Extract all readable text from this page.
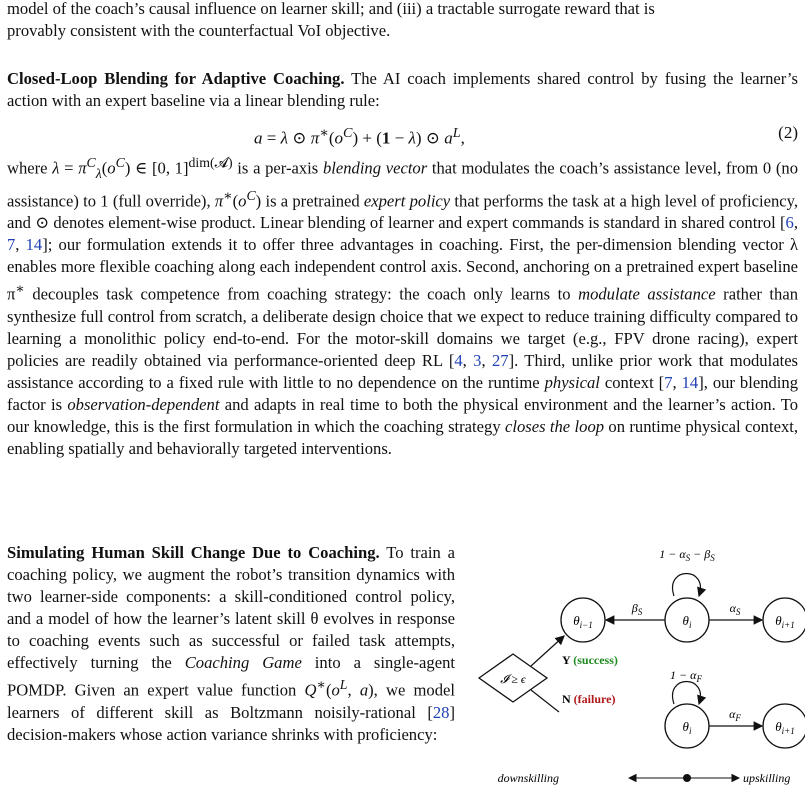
model of the coach’s causal influence on learner skill; and (iii) a tractable surrogate reward that is

provably consistent with the counterfactual VoI objective.

Closed-Loop Blending for Adaptive Coaching. The AI coach implements shared control by fusing the learner’s action with an expert baseline via a linear blending rule:

a = λ ⊙ $\pi^∗(o^C) + (1 - \lambda)$ ⊙ $a^L$,	(2)

where $\lambda = \pi^C_\lambda(o^C)$ ∈ [0, 1]$^{dim(𝓐)}$ is a per-axis blending vector that modulates the coach’s assistance level, from 0 (no assistance) to 1 (full override), $\pi^∗(o^C)$ is a pretrained expert policy that performs the task at a high level of proficiency, and ⊙ denotes element-wise product. Linear blending of learner and expert commands is standard in shared control [6, 7, 14]; our formulation extends it to offer three advantages in coaching. First, the per-dimension blending vector λ enables more flexible coaching along each independent control axis. Second, anchoring on a pretrained expert baseline π∗ decouples task competence from coaching strategy: the coach only learns to modulate assistance rather than synthesize full control from scratch, a deliberate design choice that we expect to reduce training difficulty compared to learning a monolithic policy end-to-end. For the motor-skill domains we target (e.g., FPV drone racing), expert policies are readily obtained via performance-oriented deep RL [4, 3, 27]. Third, unlike prior work that modulates assistance according to a fixed rule with little to no dependence on the runtime physical context [7, 14], our blending factor is observation-dependent and adapts in real time to both the physical environment and the learner’s action. To our knowledge, this is the first formulation in which the coaching strategy closes the loop on runtime physical context, enabling spatially and behaviorally targeted interventions.

Simulating Human Skill Change Due to Coaching. To train a coaching policy, we augment the robot’s transition dynamics with two learner-side components: a skill-conditioned control policy, and a model of how the learner’s latent skill θ evolves in response to coaching events such as successful or failed task attempts, effectively turning the Coaching Game into a single-agent POMDP. Given an expert value function $Q^∗(o^L$, a), we model learners of different skill as Boltzmann noisily-rational [28] decision-makers whose action variance shrinks with proficiency:

$1 - \alpha_S - \beta_S$
$\theta_{i-1}$	$\theta_i$	$\theta_{i+1}$
$\beta_S$	$\alpha_S$
𝓘 ≥ ϵ
Y (success)
N (failure)
$1 - \alpha_F$
$\theta_i$	$\theta_{i+1}$
$\alpha_F$
downskilling	upskilling
